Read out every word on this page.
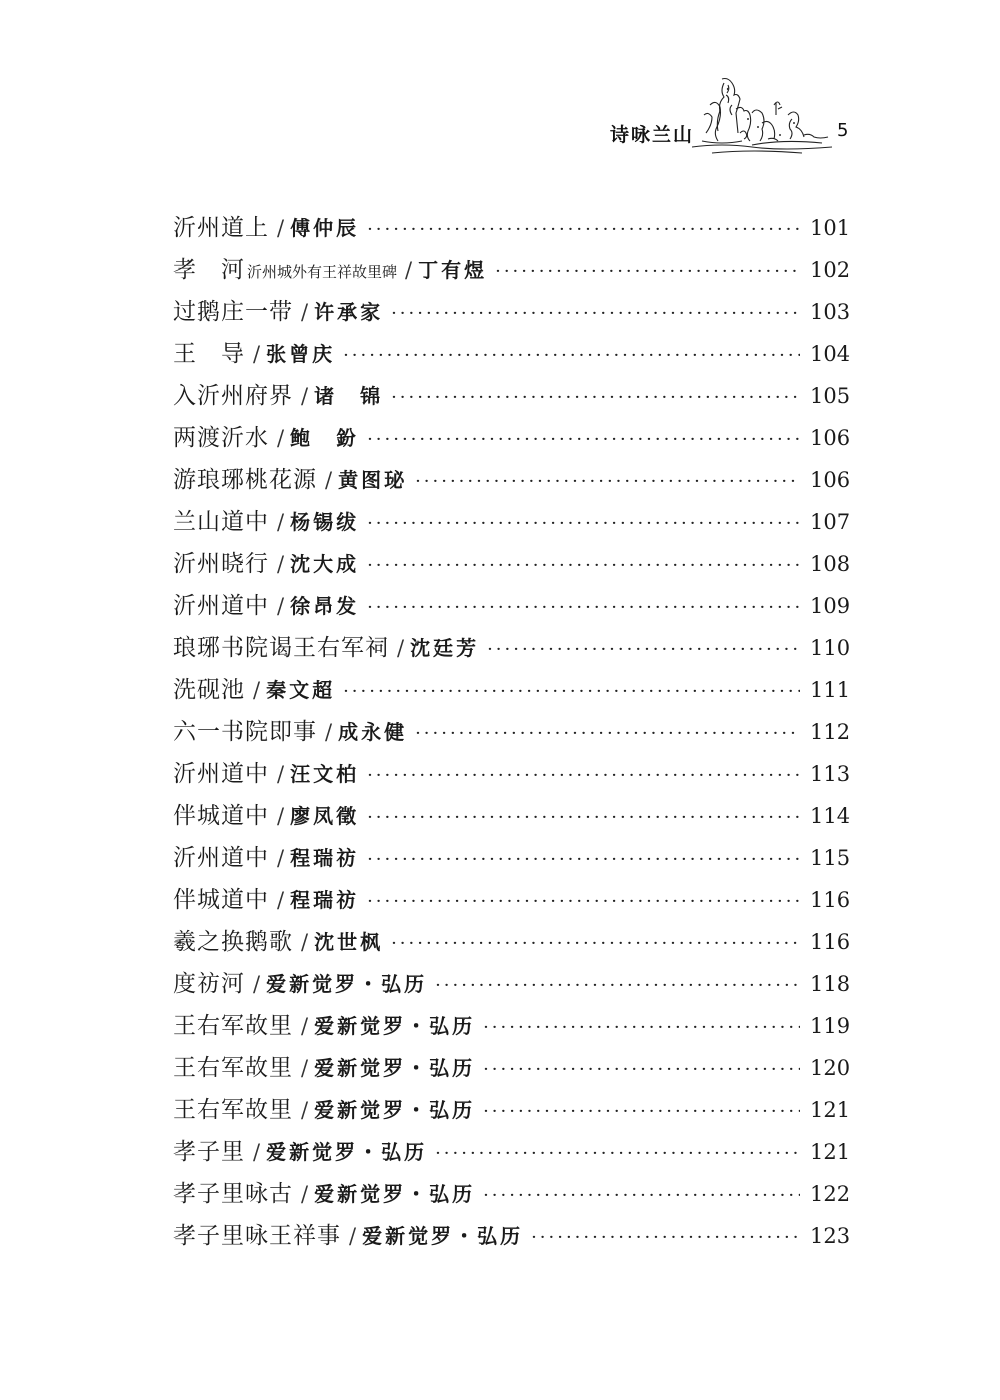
诗咏兰山	5
沂州道上 / 傅仲辰 ·····	101
孝　河 沂州城外有王祥故里碑 / 丁有煜 ·····	102
过鹅庄一带 / 许承家 ·····	103
王　导 / 张曾庆 ·····	104
入沂州府界 / 诸　锦 ·····	105
两渡沂水 / 鲍　鈖 ·····	106
游琅琊桃花源 / 黄图珌 ·····	106
兰山道中 / 杨锡绂 ·····	107
沂州晓行 / 沈大成 ·····	108
沂州道中 / 徐昂发 ·····	109
琅琊书院谒王右军祠 / 沈廷芳 ·····	110
洗砚池 / 秦文超 ·····	111
六一书院即事 / 成永健 ·····	112
沂州道中 / 汪文柏 ·····	113
伴城道中 / 廖凤徵 ·····	114
沂州道中 / 程瑞祊 ·····	115
伴城道中 / 程瑞祊 ·····	116
羲之换鹅歌 / 沈世枫 ·····	116
度祊河 / 爱新觉罗・弘历 ·····	118
王右军故里 / 爱新觉罗・弘历 ·····	119
王右军故里 / 爱新觉罗・弘历 ·····	120
王右军故里 / 爱新觉罗・弘历 ·····	121
孝子里 / 爱新觉罗・弘历 ·····	121
孝子里咏古 / 爱新觉罗・弘历 ·····	122
孝子里咏王祥事 / 爱新觉罗・弘历 ·····	123
